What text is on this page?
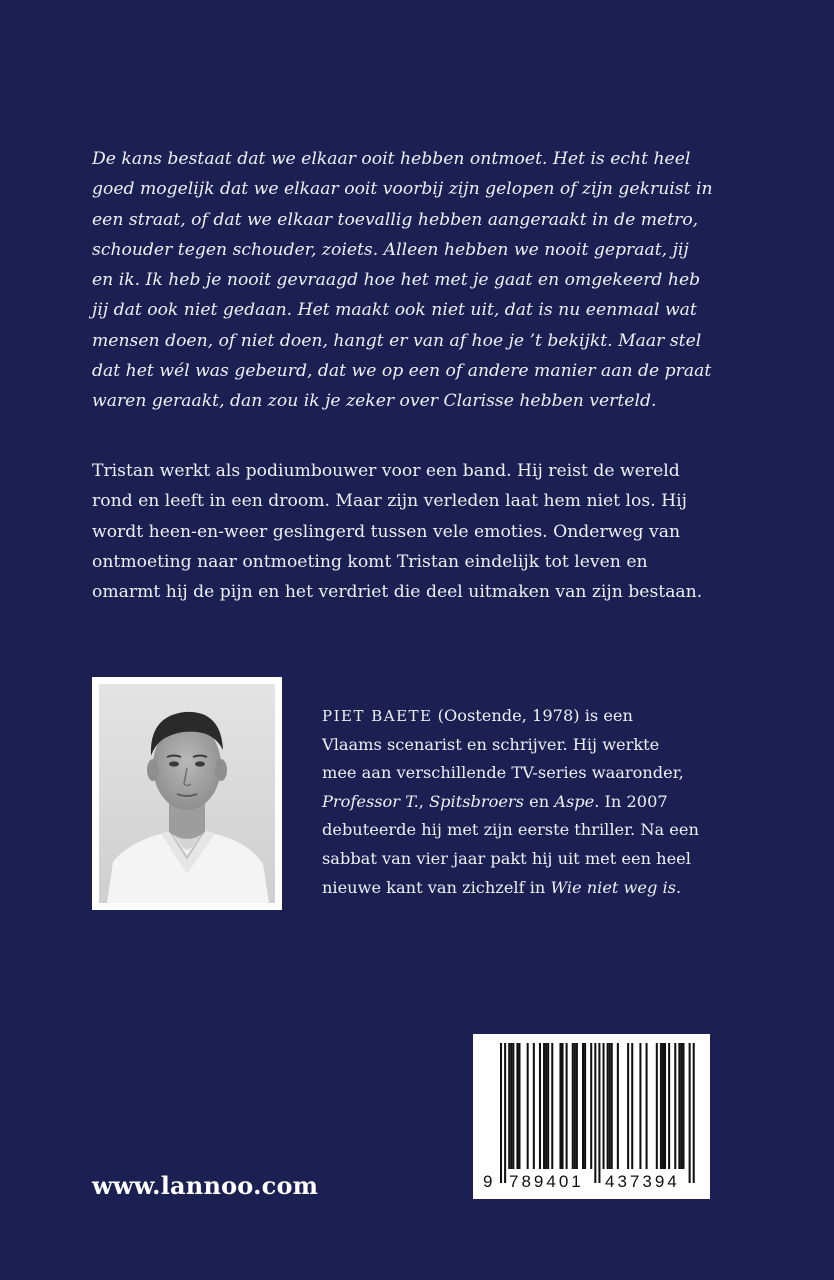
De kans bestaat dat we elkaar ooit hebben ontmoet. Het is echt heel
goed mogelijk dat we elkaar ooit voorbij zijn gelopen of zijn gekruist in
een straat, of dat we elkaar toevallig hebben aangeraakt in de metro,
schouder tegen schouder, zoiets. Alleen hebben we nooit gepraat, jij
en ik. Ik heb je nooit gevraagd hoe het met je gaat en omgekeerd heb
jij dat ook niet gedaan. Het maakt ook niet uit, dat is nu eenmaal wat
mensen doen, of niet doen, hangt er van af hoe je ’t bekijkt. Maar stel
dat het wél was gebeurd, dat we op een of andere manier aan de praat
waren geraakt, dan zou ik je zeker over Clarisse hebben verteld.

Tristan werkt als podiumbouwer voor een band. Hij reist de wereld
rond en leeft in een droom. Maar zijn verleden laat hem niet los. Hij
wordt heen-en-weer geslingerd tussen vele emoties. Onderweg van
ontmoeting naar ontmoeting komt Tristan eindelijk tot leven en
omarmt hij de pijn en het verdriet die deel uitmaken van zijn bestaan.

PIET BAETE (Oostende, 1978) is een
Vlaams scenarist en schrijver. Hij werkte
mee aan verschillende TV-series waaronder,
Professor T., Spitsbroers en Aspe. In 2007
debuteerde hij met zijn eerste thriller. Na een
sabbat van vier jaar pakt hij uit met een heel
nieuwe kant van zichzelf in Wie niet weg is.

www.lannoo.com	9 789401 437394
